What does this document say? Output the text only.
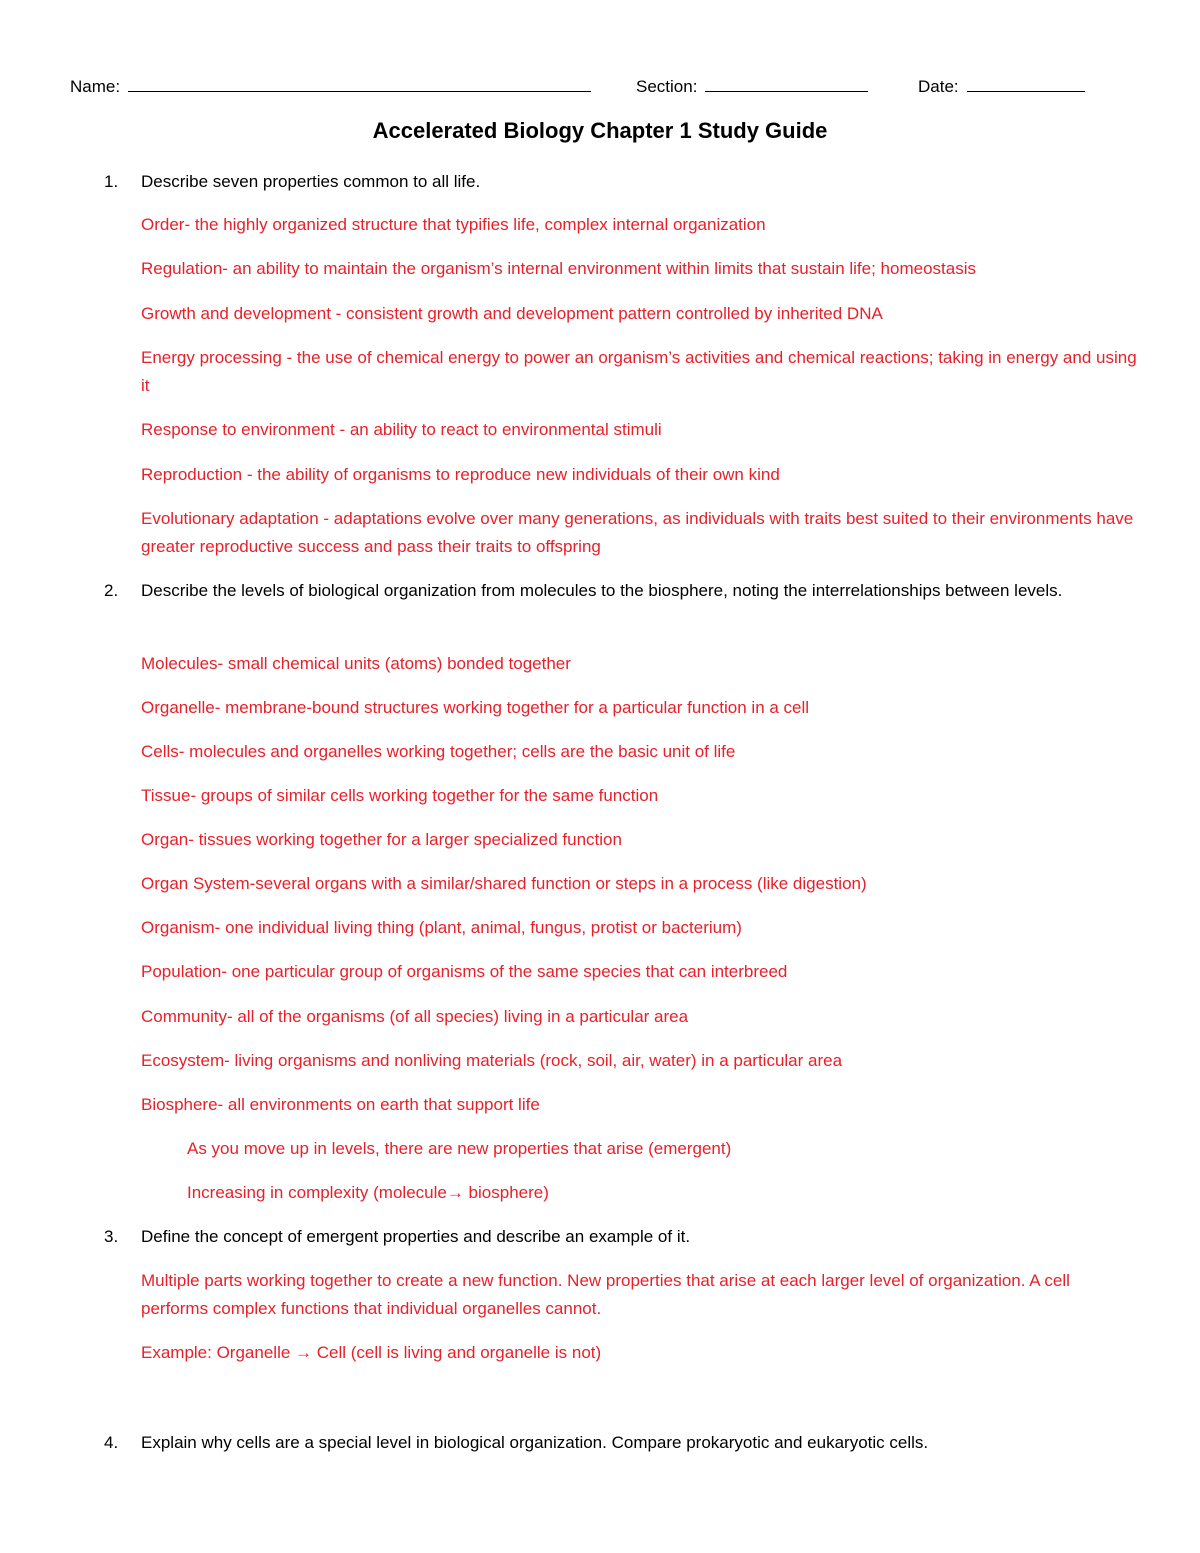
Name:	Section:	Date:
Accelerated Biology Chapter 1 Study Guide
1. Describe seven properties common to all life.
Order- the highly organized structure that typifies life, complex internal organization
Regulation- an ability to maintain the organism’s internal environment within limits that sustain life; homeostasis
Growth and development - consistent growth and development pattern controlled by inherited DNA
Energy processing - the use of chemical energy to power an organism’s activities and chemical reactions; taking in energy and using it
Response to environment - an ability to react to environmental stimuli
Reproduction - the ability of organisms to reproduce new individuals of their own kind
Evolutionary adaptation - adaptations evolve over many generations, as individuals with traits best suited to their environments have greater reproductive success and pass their traits to offspring
2. Describe the levels of biological organization from molecules to the biosphere, noting the interrelationships between levels.
Molecules- small chemical units (atoms) bonded together
Organelle- membrane-bound structures working together for a particular function in a cell
Cells- molecules and organelles working together; cells are the basic unit of life
Tissue- groups of similar cells working together for the same function
Organ- tissues working together for a larger specialized function
Organ System-several organs with a similar/shared function or steps in a process (like digestion)
Organism- one individual living thing (plant, animal, fungus, protist or bacterium)
Population- one particular group of organisms of the same species that can interbreed
Community- all of the organisms (of all species) living in a particular area
Ecosystem- living organisms and nonliving materials (rock, soil, air, water) in a particular area
Biosphere- all environments on earth that support life
As you move up in levels, there are new properties that arise (emergent)
Increasing in complexity (molecule→ biosphere)
3. Define the concept of emergent properties and describe an example of it.
Multiple parts working together to create a new function. New properties that arise at each larger level of organization. A cell performs complex functions that individual organelles cannot.
Example: Organelle → Cell (cell is living and organelle is not)
4. Explain why cells are a special level in biological organization. Compare prokaryotic and eukaryotic cells.
